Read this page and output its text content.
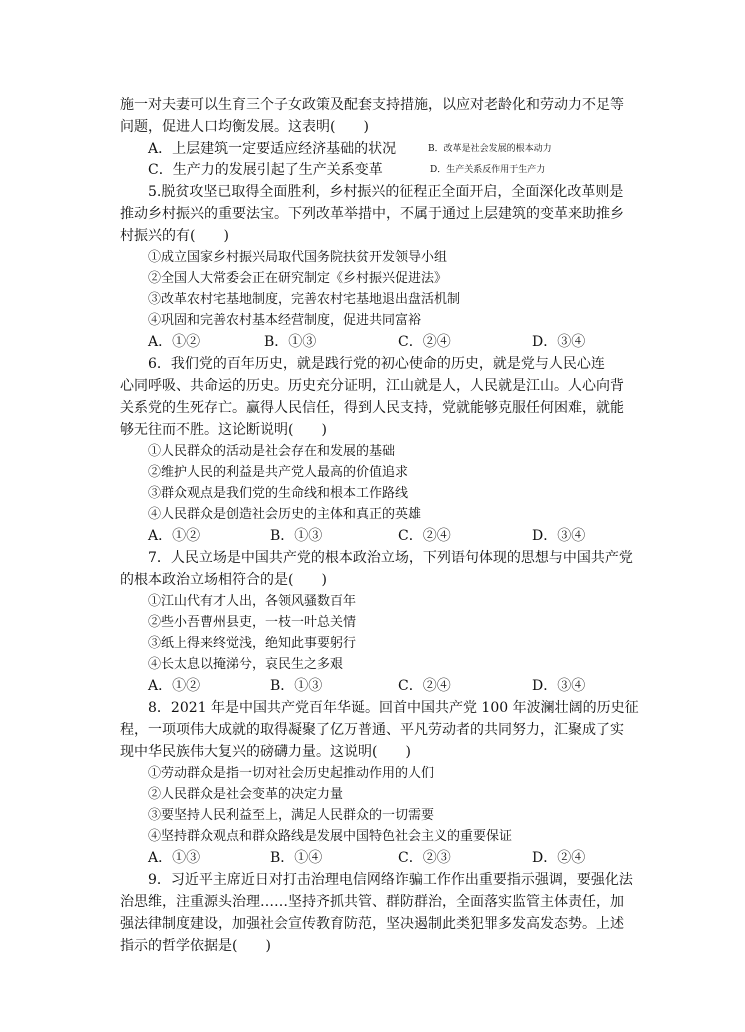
施一对夫妻可以生育三个子女政策及配套支持措施，以应对老龄化和劳动力不足等
问题，促进人口均衡发展。这表明(　　)
A．上层建筑一定要适应经济基础的状况	B．改革是社会发展的根本动力
C．生产力的发展引起了生产关系变革	D．生产关系反作用于生产力
5.脱贫攻坚已取得全面胜利，乡村振兴的征程正全面开启，全面深化改革则是
推动乡村振兴的重要法宝。下列改革举措中，不属于通过上层建筑的变革来助推乡
村振兴的有(　　)
①成立国家乡村振兴局取代国务院扶贫开发领导小组
②全国人大常委会正在研究制定《乡村振兴促进法》
③改革农村宅基地制度，完善农村宅基地退出盘活机制
④巩固和完善农村基本经营制度，促进共同富裕
A．①②	B．①③	C．②④	D．③④
6．我们党的百年历史，就是践行党的初心使命的历史，就是党与人民心连
心同呼吸、共命运的历史。历史充分证明，江山就是人，人民就是江山。人心向背
关系党的生死存亡。赢得人民信任，得到人民支持，党就能够克服任何困难，就能
够无往而不胜。这论断说明(　　)
①人民群众的活动是社会存在和发展的基础
②维护人民的利益是共产党人最高的价值追求
③群众观点是我们党的生命线和根本工作路线
④人民群众是创造社会历史的主体和真正的英雄
A．①②	B．①③	C．②④	D．③④
7．人民立场是中国共产党的根本政治立场，下列语句体现的思想与中国共产党
的根本政治立场相符合的是(　　)
①江山代有才人出，各领风骚数百年
②些小吾曹州县吏，一枝一叶总关情
③纸上得来终觉浅，绝知此事要躬行
④长太息以掩涕兮，哀民生之多艰
A．①②	B．①③	C．②④	D．③④
8．2021 年是中国共产党百年华诞。回首中国共产党 100 年波澜壮阔的历史征
程，一项项伟大成就的取得凝聚了亿万普通、平凡劳动者的共同努力，汇聚成了实
现中华民族伟大复兴的磅礴力量。这说明(　　)
①劳动群众是指一切对社会历史起推动作用的人们
②人民群众是社会变革的决定力量
③要坚持人民利益至上，满足人民群众的一切需要
④坚持群众观点和群众路线是发展中国特色社会主义的重要保证
A．①③	B．①④	C．②③	D．②④
9．习近平主席近日对打击治理电信网络诈骗工作作出重要指示强调，要强化法
治思维，注重源头治理……坚持齐抓共管、群防群治，全面落实监管主体责任，加
强法律制度建设，加强社会宣传教育防范，坚决遏制此类犯罪多发高发态势。上述
指示的哲学依据是(　　)
